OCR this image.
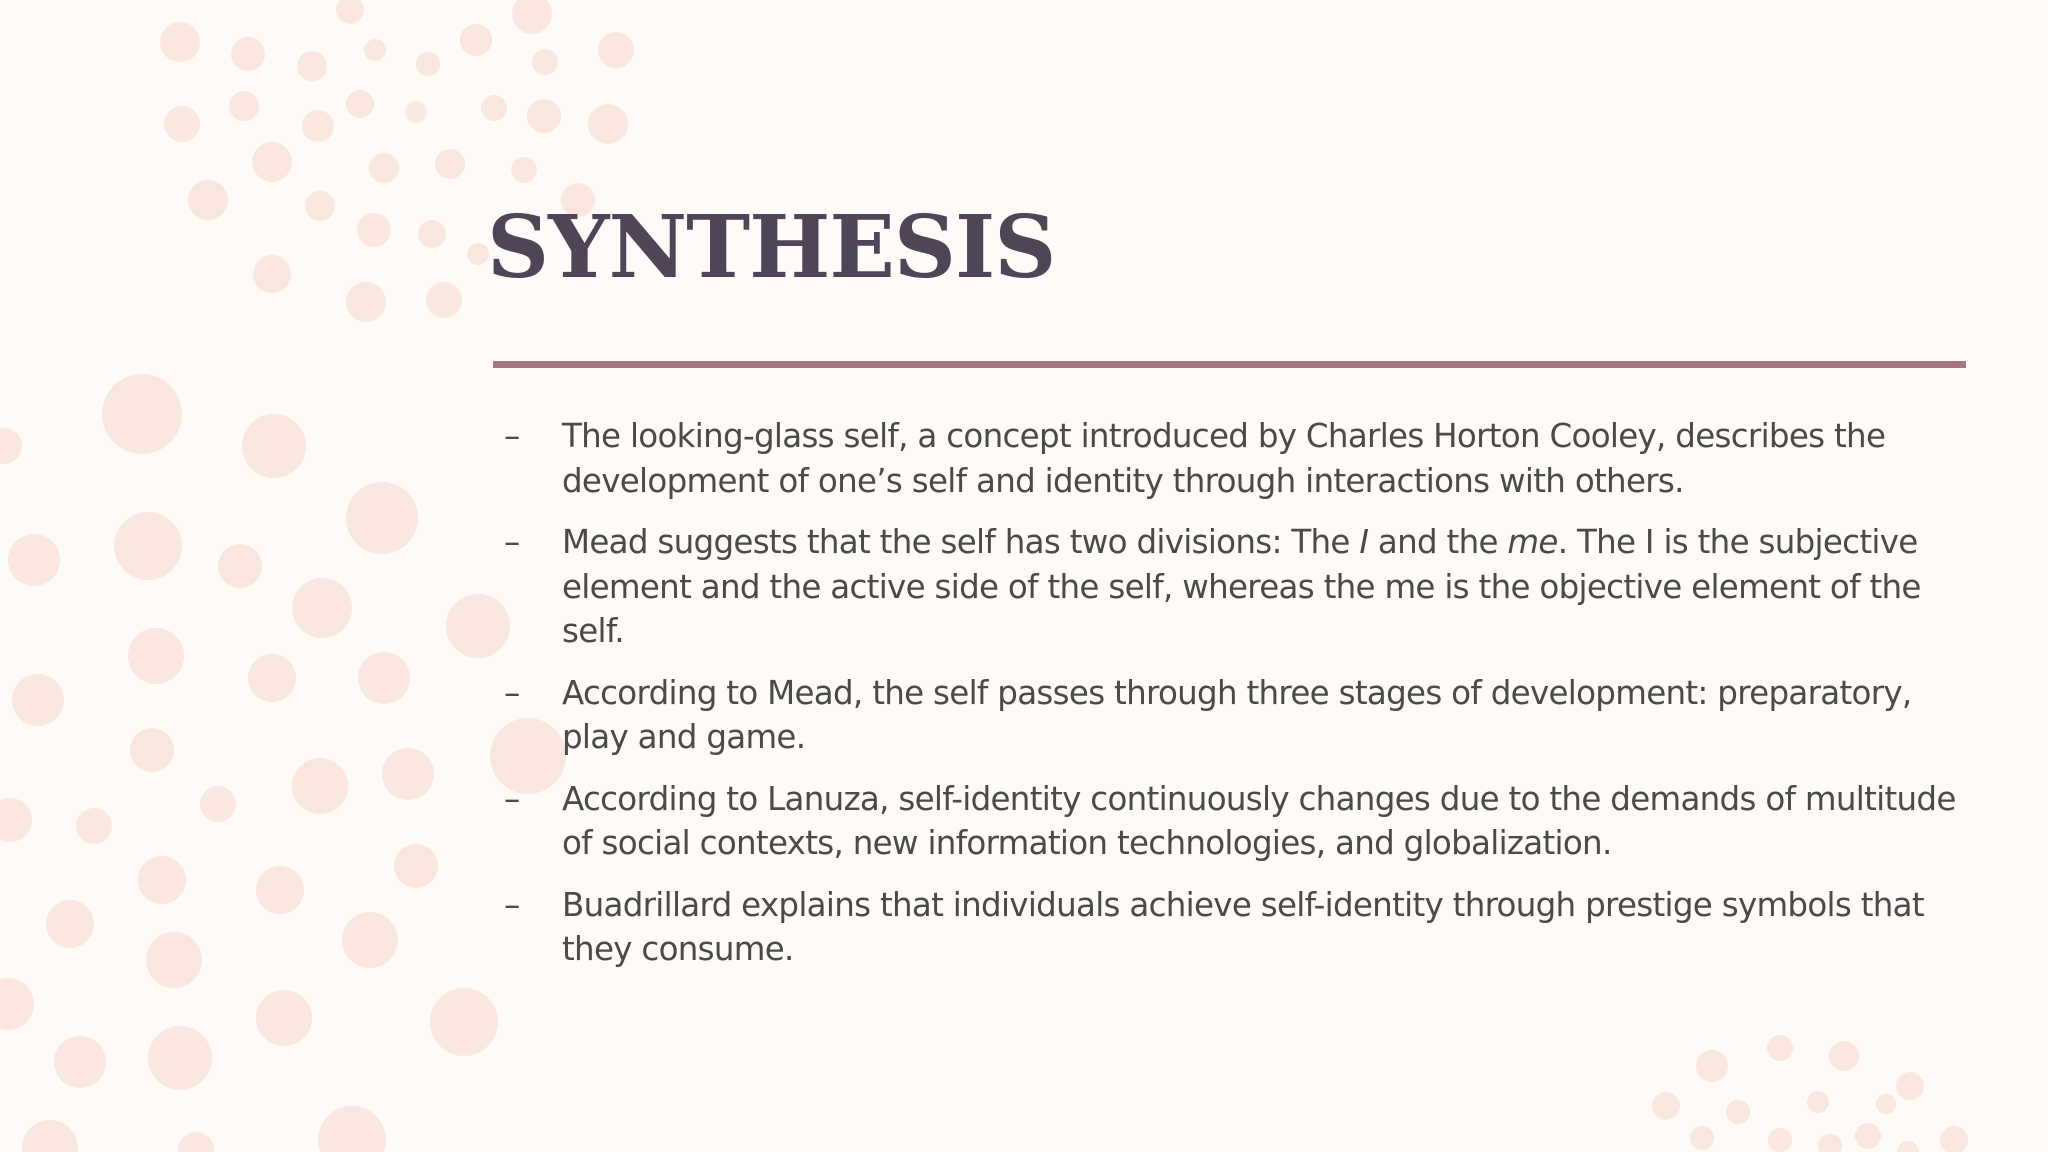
SYNTHESIS
– The looking-glass self, a concept introduced by Charles Horton Cooley, describes the development of one’s self and identity through interactions with others.
– Mead suggests that the self has two divisions: The I and the me. The I is the subjective element and the active side of the self, whereas the me is the objective element of the self.
– According to Mead, the self passes through three stages of development: preparatory, play and game.
– According to Lanuza, self-identity continuously changes due to the demands of multitude of social contexts, new information technologies, and globalization.
– Buadrillard explains that individuals achieve self-identity through prestige symbols that they consume.
